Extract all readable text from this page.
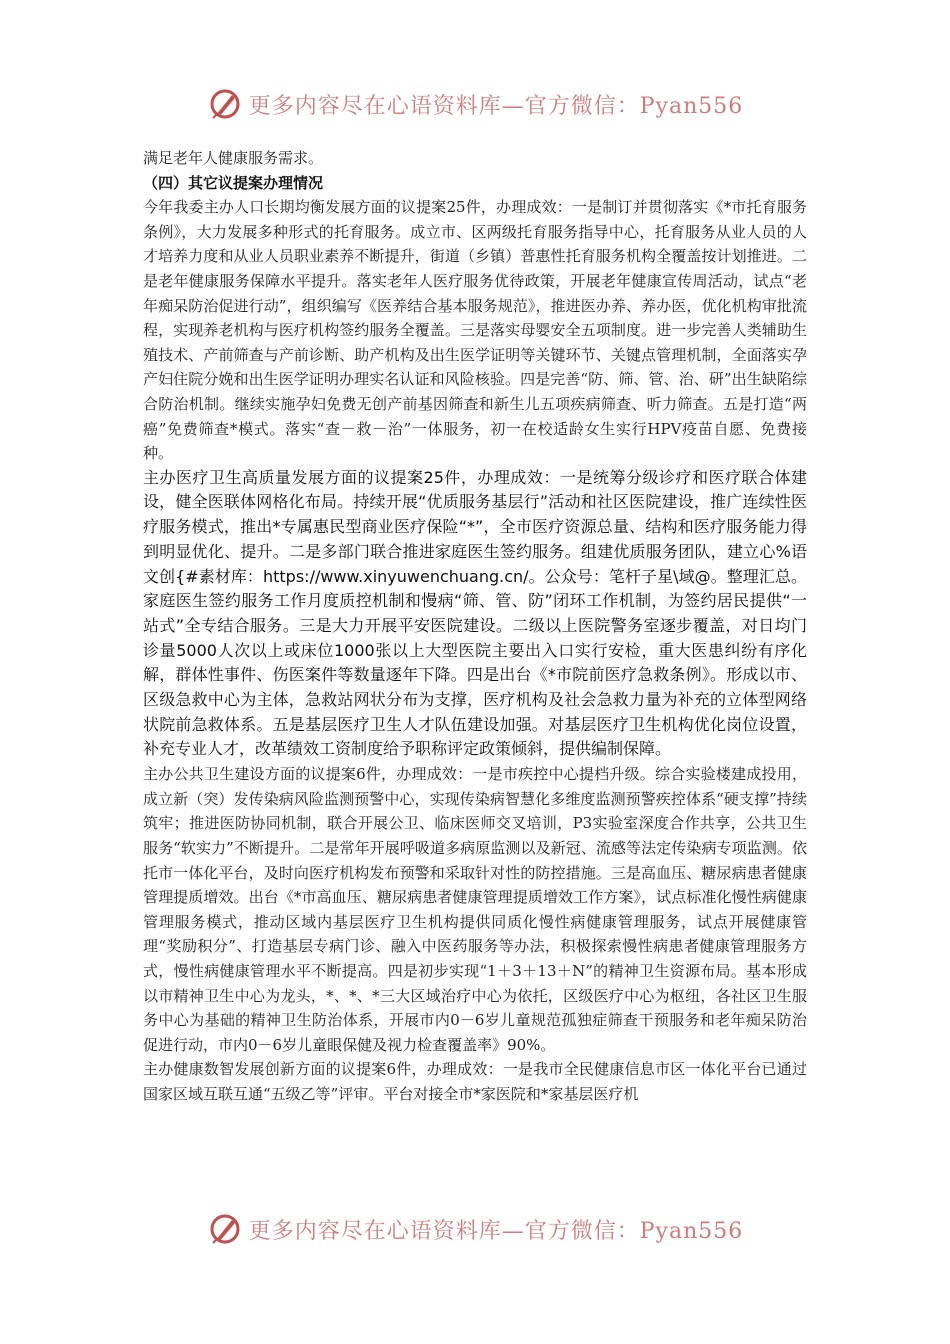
更多内容尽在心语资料库—官方微信：Pyan556

满足老年人健康服务需求。

（四）其它议提案办理情况

今年我委主办人口长期均衡发展方面的议提案25件，办理成效：一是制订并贯彻落实《*市托育服务条例》，大力发展多种形式的托育服务。成立市、区两级托育服务指导中心，托育服务从业人员的人才培养力度和从业人员职业素养不断提升，街道（乡镇）普惠性托育服务机构全覆盖按计划推进。二是老年健康服务保障水平提升。落实老年人医疗服务优待政策，开展老年健康宣传周活动，试点“老年痴呆防治促进行动”，组织编写《医养结合基本服务规范》，推进医办养、养办医，优化机构审批流程，实现养老机构与医疗机构签约服务全覆盖。三是落实母婴安全五项制度。进一步完善人类辅助生殖技术、产前筛查与产前诊断、助产机构及出生医学证明等关键环节、关键点管理机制，全面落实孕产妇住院分娩和出生医学证明办理实名认证和风险核验。四是完善“防、筛、管、治、研”出生缺陷综合防治机制。继续实施孕妇免费无创产前基因筛查和新生儿五项疾病筛查、听力筛查。五是打造“两癌”免费筛查*模式。落实“查－救－治”一体服务，初一在校适龄女生实行HPV疫苗自愿、免费接种。

主办医疗卫生高质量发展方面的议提案25件，办理成效：一是统筹分级诊疗和医疗联合体建设，健全医联体网格化布局。持续开展“优质服务基层行”活动和社区医院建设，推广连续性医疗服务模式，推出*专属惠民型商业医疗保险“*”，全市医疗资源总量、结构和医疗服务能力得到明显优化、提升。二是多部门联合推进家庭医生签约服务。组建优质服务团队，建立心%语文创{#素材库：https://www.xinyuwenchuang.cn/。公众号：笔杆子星\域@。整理汇总。家庭医生签约服务工作月度质控机制和慢病“筛、管、防”闭环工作机制，为签约居民提供“一站式”全专结合服务。三是大力开展平安医院建设。二级以上医院警务室逐步覆盖，对日均门诊量5000人次以上或床位1000张以上大型医院主要出入口实行安检，重大医患纠纷有序化解，群体性事件、伤医案件等数量逐年下降。四是出台《*市院前医疗急救条例》。形成以市、区级急救中心为主体，急救站网状分布为支撑，医疗机构及社会急救力量为补充的立体型网络状院前急救体系。五是基层医疗卫生人才队伍建设加强。对基层医疗卫生机构优化岗位设置，补充专业人才，改革绩效工资制度给予职称评定政策倾斜，提供编制保障。

主办公共卫生建设方面的议提案6件，办理成效：一是市疾控中心提档升级。综合实验楼建成投用，成立新（突）发传染病风险监测预警中心，实现传染病智慧化多维度监测预警疾控体系“硬支撑”持续筑牢；推进医防协同机制，联合开展公卫、临床医师交叉培训，P3实验室深度合作共享，公共卫生服务“软实力”不断提升。二是常年开展呼吸道多病原监测以及新冠、流感等法定传染病专项监测。依托市一体化平台，及时向医疗机构发布预警和采取针对性的防控措施。三是高血压、糖尿病患者健康管理提质增效。出台《*市高血压、糖尿病患者健康管理提质增效工作方案》，试点标准化慢性病健康管理服务模式，推动区域内基层医疗卫生机构提供同质化慢性病健康管理服务，试点开展健康管理“奖励积分”、打造基层专病门诊、融入中医药服务等办法，积极探索慢性病患者健康管理服务方式，慢性病健康管理水平不断提高。四是初步实现“1＋3＋13＋N”的精神卫生资源布局。基本形成以市精神卫生中心为龙头，*、*、*三大区域治疗中心为依托，区级医疗中心为枢纽，各社区卫生服务中心为基础的精神卫生防治体系，开展市内0－6岁儿童规范孤独症筛查干预服务和老年痴呆防治促进行动，市内0－6岁儿童眼保健及视力检查覆盖率》90%。

主办健康数智发展创新方面的议提案6件，办理成效：一是我市全民健康信息市区一体化平台已通过国家区域互联互通“五级乙等”评审。平台对接全市*家医院和*家基层医疗机

更多内容尽在心语资料库—官方微信：Pyan556
